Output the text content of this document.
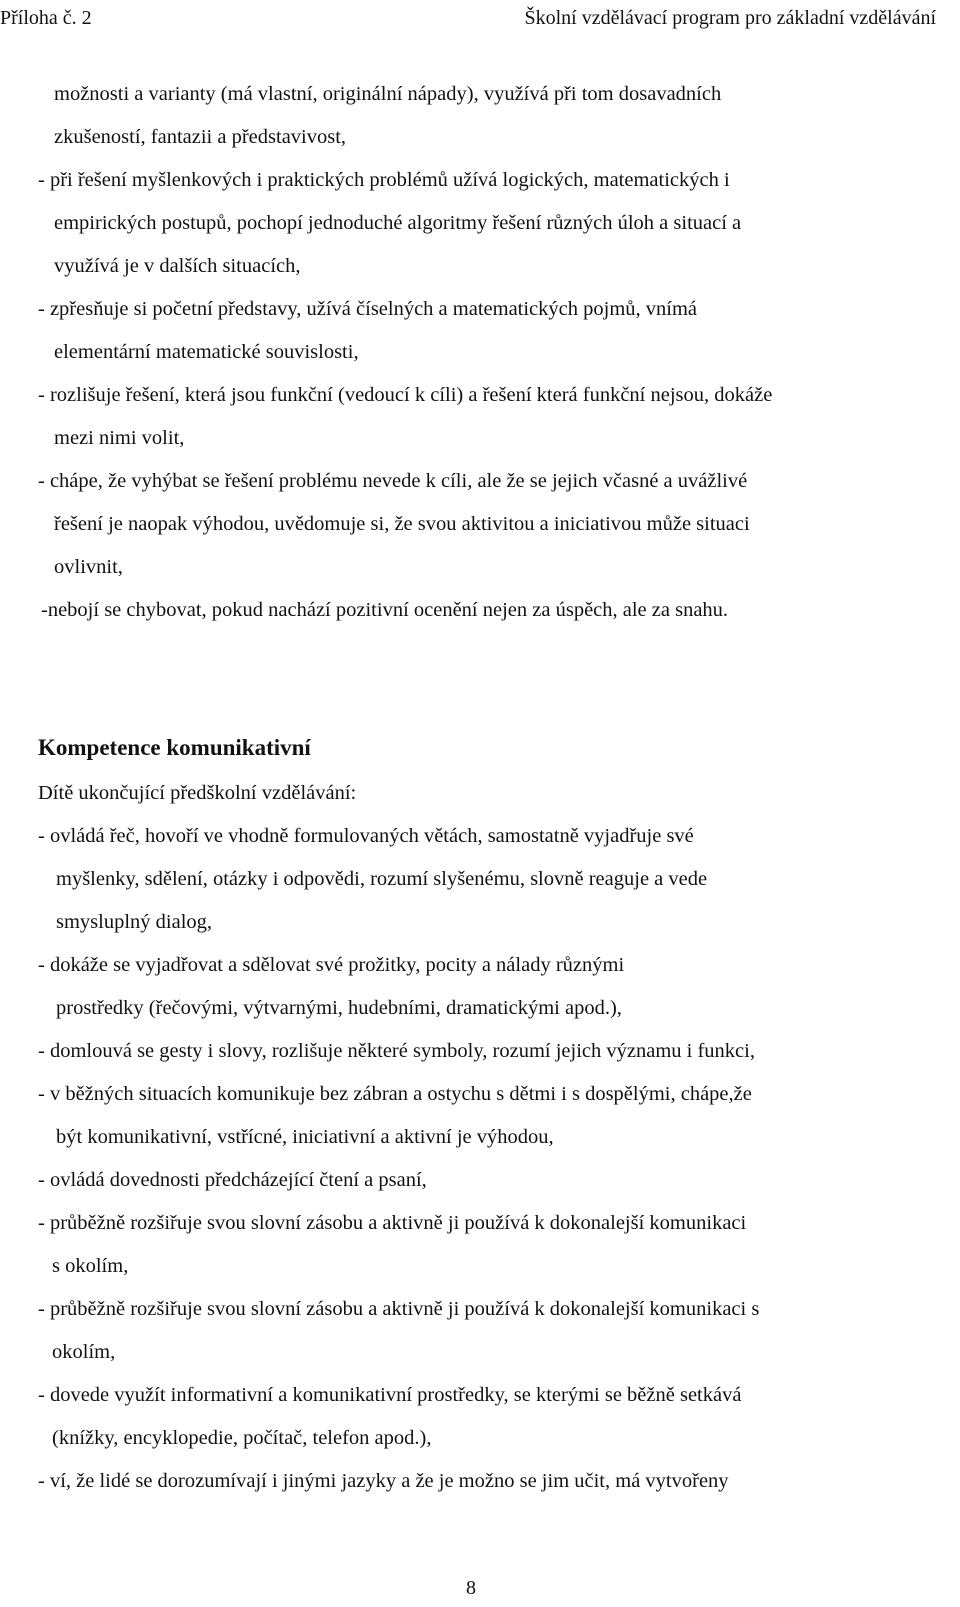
Příloha č. 2	Školní vzdělávací program pro základní vzdělávání
možnosti a varianty (má vlastní, originální nápady), využívá při tom dosavadních
zkušeností, fantazii a představivost,
- při řešení myšlenkových i praktických problémů užívá logických, matematických i
empirických postupů, pochopí jednoduché algoritmy řešení různých úloh a situací a
využívá je v dalších situacích,
- zpřesňuje si početní představy, užívá číselných a matematických pojmů, vnímá
elementární matematické souvislosti,
- rozlišuje řešení, která jsou funkční (vedoucí k cíli) a řešení která funkční nejsou, dokáže
mezi nimi volit,
- chápe, že vyhýbat se řešení problému nevede k cíli, ale že se jejich včasné a uvážlivé
řešení je naopak výhodou, uvědomuje si, že svou aktivitou a iniciativou může situaci
ovlivnit,
-nebojí se chybovat, pokud nachází pozitivní ocenění nejen za úspěch, ale za snahu.
Kompetence komunikativní
Dítě ukončující předškolní vzdělávání:
- ovládá řeč, hovoří ve vhodně formulovaných větách, samostatně vyjadřuje své
myšlenky, sdělení, otázky i odpovědi, rozumí slyšenému, slovně reaguje a vede
smysluplný dialog,
- dokáže se vyjadřovat a sdělovat své prožitky, pocity a nálady různými
prostředky (řečovými, výtvarnými, hudebními, dramatickými apod.),
- domlouvá se gesty i slovy, rozlišuje některé symboly, rozumí jejich významu i funkci,
- v běžných situacích komunikuje bez zábran a ostychu s dětmi i s dospělými, chápe,že
být komunikativní, vstřícné, iniciativní a aktivní je výhodou,
- ovládá dovednosti předcházející čtení a psaní,
- průběžně rozšiřuje svou slovní zásobu a aktivně ji používá k dokonalejší komunikaci
s okolím,
- průběžně rozšiřuje svou slovní zásobu a aktivně ji používá k dokonalejší komunikaci s
okolím,
- dovede využít informativní a komunikativní prostředky, se kterými se běžně setkává
(knížky, encyklopedie, počítač, telefon apod.),
- ví, že lidé se dorozumívají i jinými jazyky a že je možno se jim učit, má vytvořeny
8
